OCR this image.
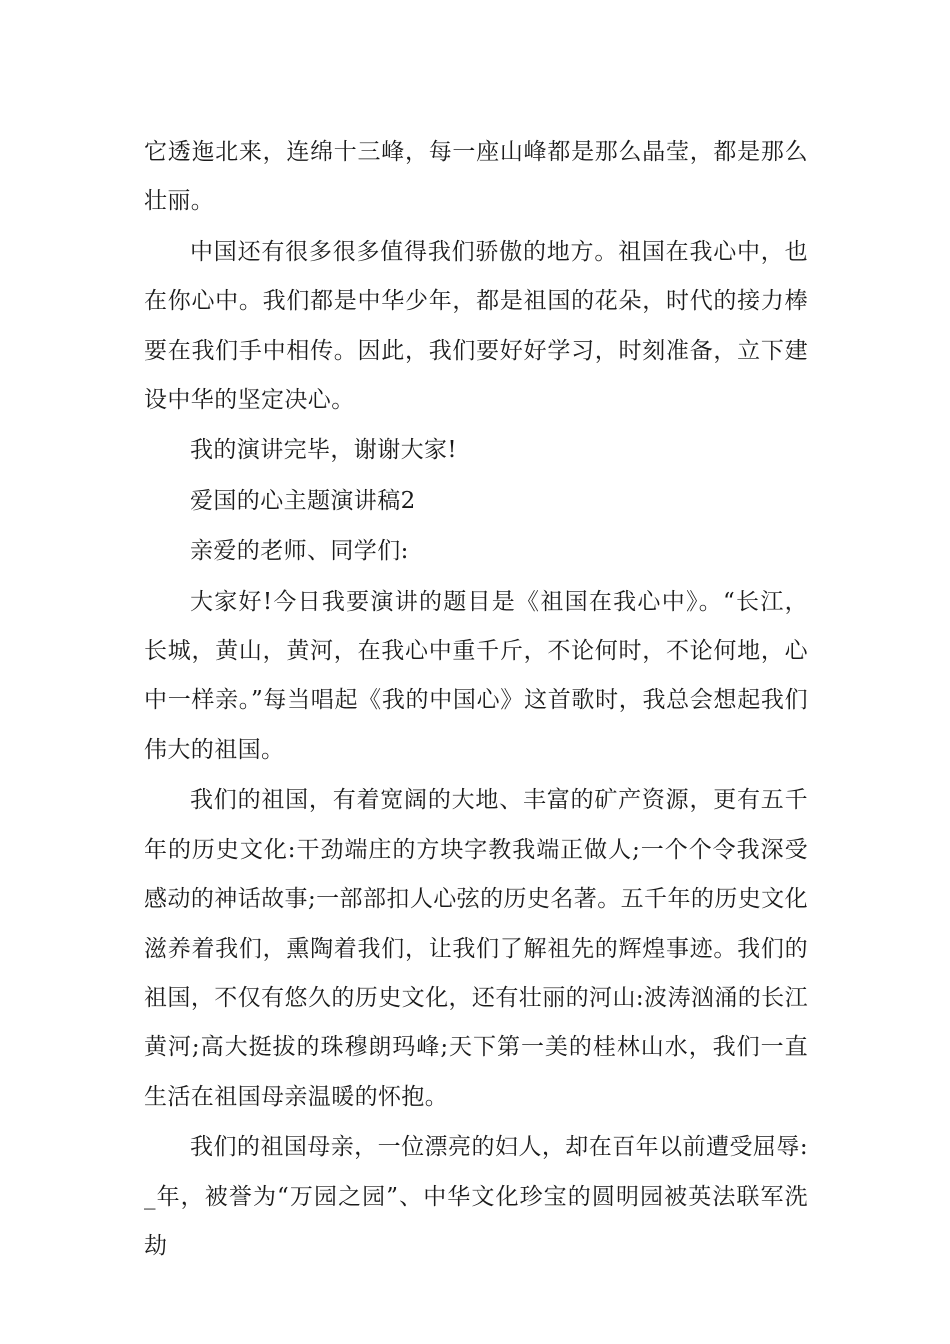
它透迤北来，连绵十三峰，每一座山峰都是那么晶莹，都是那么壮丽。

中国还有很多很多值得我们骄傲的地方。祖国在我心中，也在你心中。我们都是中华少年，都是祖国的花朵，时代的接力棒要在我们手中相传。因此，我们要好好学习，时刻准备，立下建设中华的坚定决心。

我的演讲完毕，谢谢大家!

爱国的心主题演讲稿2

亲爱的老师、同学们:

大家好!今日我要演讲的题目是《祖国在我心中》。“长江，长城，黄山，黄河，在我心中重千斤，不论何时，不论何地，心中一样亲。”每当唱起《我的中国心》这首歌时，我总会想起我们伟大的祖国。

我们的祖国，有着宽阔的大地、丰富的矿产资源，更有五千年的历史文化:干劲端庄的方块字教我端正做人;一个个令我深受感动的神话故事;一部部扣人心弦的历史名著。五千年的历史文化滋养着我们，熏陶着我们，让我们了解祖先的辉煌事迹。我们的祖国，不仅有悠久的历史文化，还有壮丽的河山:波涛汹涌的长江黄河;高大挺拔的珠穆朗玛峰;天下第一美的桂林山水，我们一直生活在祖国母亲温暖的怀抱。

我们的祖国母亲，一位漂亮的妇人，却在百年以前遭受屈辱:_年，被誉为“万园之园”、中华文化珍宝的圆明园被英法联军洗劫
